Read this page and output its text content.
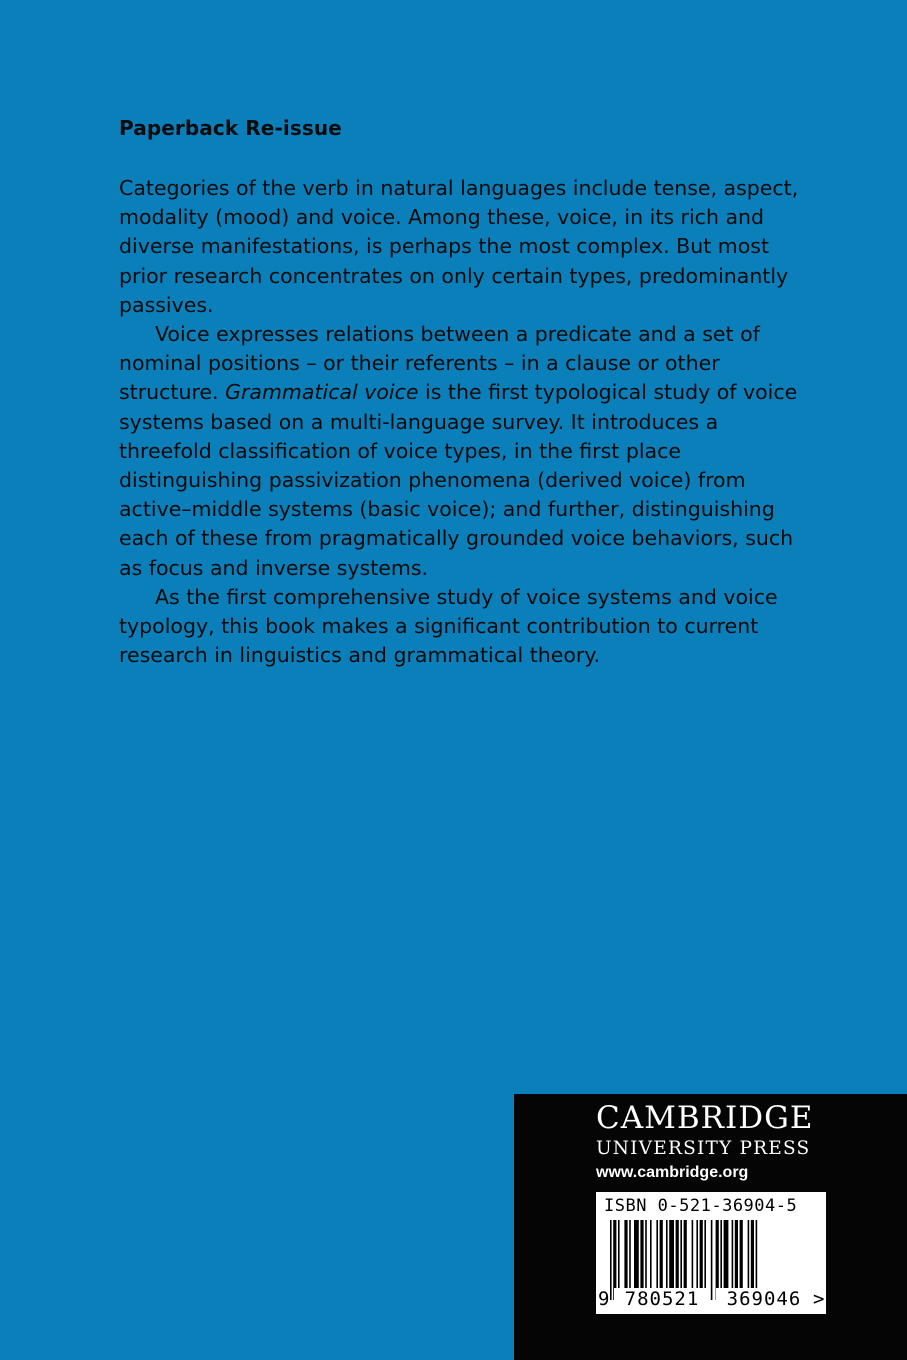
Paperback Re-issue

Categories of the verb in natural languages include tense, aspect, modality (mood) and voice. Among these, voice, in its rich and diverse manifestations, is perhaps the most complex. But most prior research concentrates on only certain types, predominantly passives.

Voice expresses relations between a predicate and a set of nominal positions – or their referents – in a clause or other structure. Grammatical voice is the first typological study of voice systems based on a multi-language survey. It introduces a threefold classification of voice types, in the first place distinguishing passivization phenomena (derived voice) from active–middle systems (basic voice); and further, distinguishing each of these from pragmatically grounded voice behaviors, such as focus and inverse systems.

As the first comprehensive study of voice systems and voice typology, this book makes a significant contribution to current research in linguistics and grammatical theory.

CAMBRIDGE
UNIVERSITY PRESS
www.cambridge.org
ISBN 0-521-36904-5
9 780521	369046 >
